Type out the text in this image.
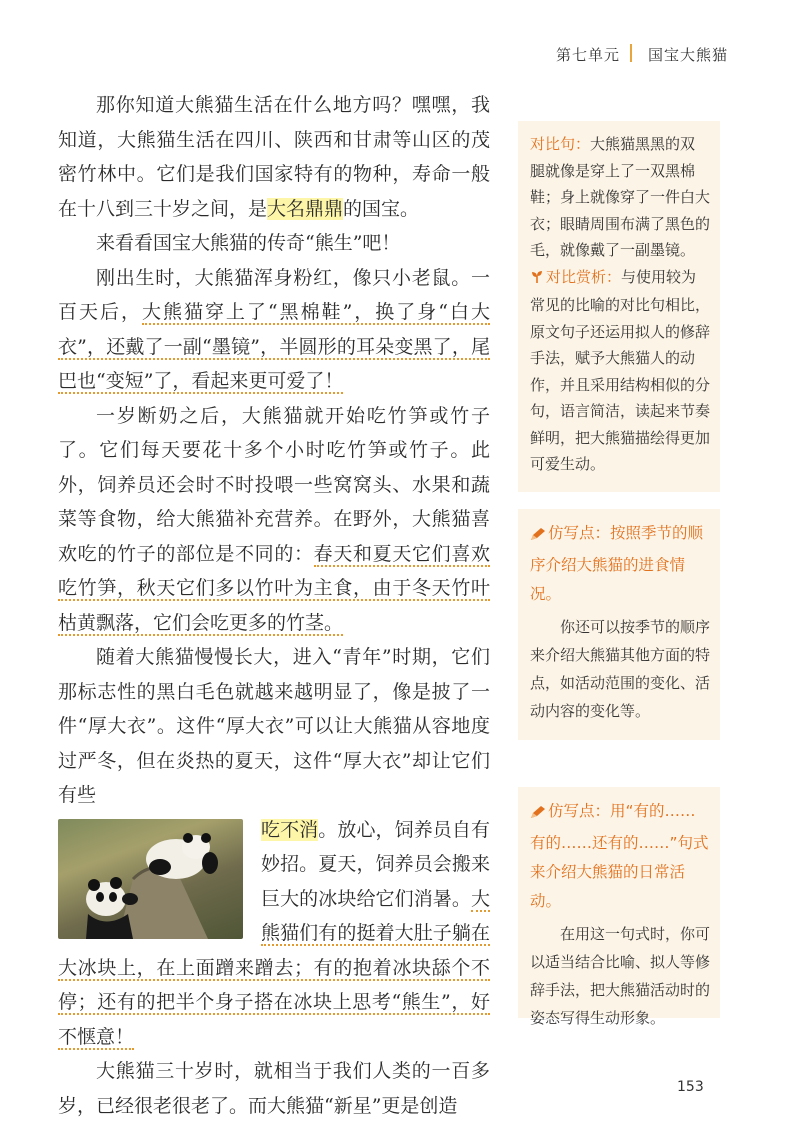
第七单元 国宝大熊猫

那你知道大熊猫生活在什么地方吗？嘿嘿，我知道，大熊猫生活在四川、陕西和甘肃等山区的茂密竹林中。它们是我们国家特有的物种，寿命一般在十八到三十岁之间，是大名鼎鼎的国宝。

来看看国宝大熊猫的传奇“熊生”吧！

刚出生时，大熊猫浑身粉红，像只小老鼠。一百天后，大熊猫穿上了“黑棉鞋”，换了身“白大衣”，还戴了一副“墨镜”，半圆形的耳朵变黑了，尾巴也“变短”了，看起来更可爱了！

一岁断奶之后，大熊猫就开始吃竹笋或竹子了。它们每天要花十多个小时吃竹笋或竹子。此外，饲养员还会时不时投喂一些窝窝头、水果和蔬菜等食物，给大熊猫补充营养。在野外，大熊猫喜欢吃的竹子的部位是不同的：春天和夏天它们喜欢吃竹笋，秋天它们多以竹叶为主食，由于冬天竹叶枯黄飘落，它们会吃更多的竹茎。

随着大熊猫慢慢长大，进入“青年”时期，它们那标志性的黑白毛色就越来越明显了，像是披了一件“厚大衣”。这件“厚大衣”可以让大熊猫从容地度过严冬，但在炎热的夏天，这件“厚大衣”却让它们有些

吃不消。放心，饲养员自有妙招。夏天，饲养员会搬来巨大的冰块给它们消暑。大熊猫们有的挺着大肚子躺在大冰块上，在上面蹭来蹭去；有的抱着冰块舔个不停；还有的把半个身子搭在冰块上思考“熊生”，好不惬意！

大熊猫三十岁时，就相当于我们人类的一百多岁，已经很老很老了。而大熊猫“新星”更是创造

对比句：大熊猫黑黑的双腿就像是穿上了一双黑棉鞋；身上就像穿了一件白大衣；眼睛周围布满了黑色的毛，就像戴了一副墨镜。
对比赏析：与使用较为常见的比喻的对比句相比，原文句子还运用拟人的修辞手法，赋予大熊猫人的动作，并且采用结构相似的分句，语言简洁，读起来节奏鲜明，把大熊猫描绘得更加可爱生动。
仿写点：按照季节的顺序介绍大熊猫的进食情况。
你还可以按季节的顺序来介绍大熊猫其他方面的特点，如活动范围的变化、活动内容的变化等。
仿写点：用“有的……有的……还有的……”句式来介绍大熊猫的日常活动。
在用这一句式时，你可以适当结合比喻、拟人等修辞手法，把大熊猫活动时的姿态写得生动形象。
153
